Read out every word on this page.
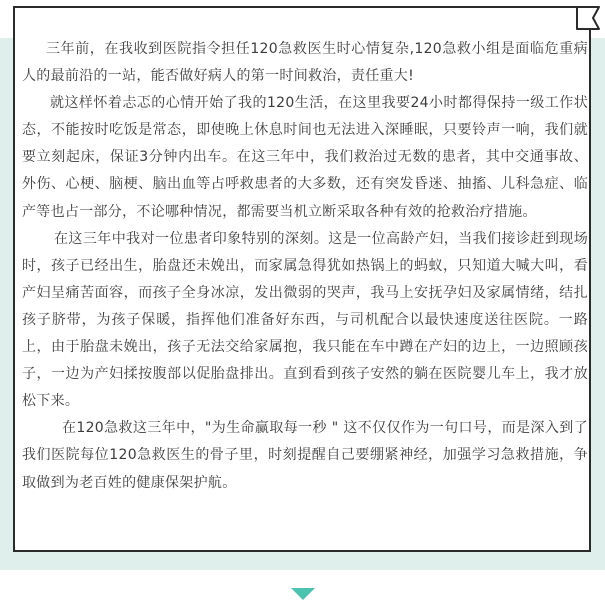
三年前，在我收到医院指令担任120急救医生时心情复杂,120急救小组是面临危重病人的最前沿的一站，能否做好病人的第一时间救治，责任重大!

就这样怀着忐忑的心情开始了我的120生活，在这里我要24小时都得保持一级工作状态，不能按时吃饭是常态，即使晚上休息时间也无法进入深睡眠，只要铃声一响，我们就要立刻起床，保证3分钟内出车。在这三年中，我们救治过无数的患者，其中交通事故、外伤、心梗、脑梗、脑出血等占呼救患者的大多数，还有突发昏迷、抽搐、儿科急症、临产等也占一部分，不论哪种情况，都需要当机立断采取各种有效的抢救治疗措施。

在这三年中我对一位患者印象特别的深刻。这是一位高龄产妇，当我们接诊赶到现场时，孩子已经出生，胎盘还未娩出，而家属急得犹如热锅上的蚂蚁，只知道大喊大叫，看产妇呈痛苦面容，而孩子全身冰凉，发出微弱的哭声，我马上安抚孕妇及家属情绪，结扎孩子脐带，为孩子保暖，指挥他们准备好东西，与司机配合以最快速度送往医院。一路上，由于胎盘未娩出，孩子无法交给家属抱，我只能在车中蹲在产妇的边上，一边照顾孩子，一边为产妇揉按腹部以促胎盘排出。直到看到孩子安然的躺在医院婴儿车上，我才放松下来。

在120急救这三年中，"为生命赢取每一秒 " 这不仅仅作为一句口号，而是深入到了我们医院每位120急救医生的骨子里，时刻提醒自己要绷紧神经，加强学习急救措施，争取做到为老百姓的健康保架护航。
